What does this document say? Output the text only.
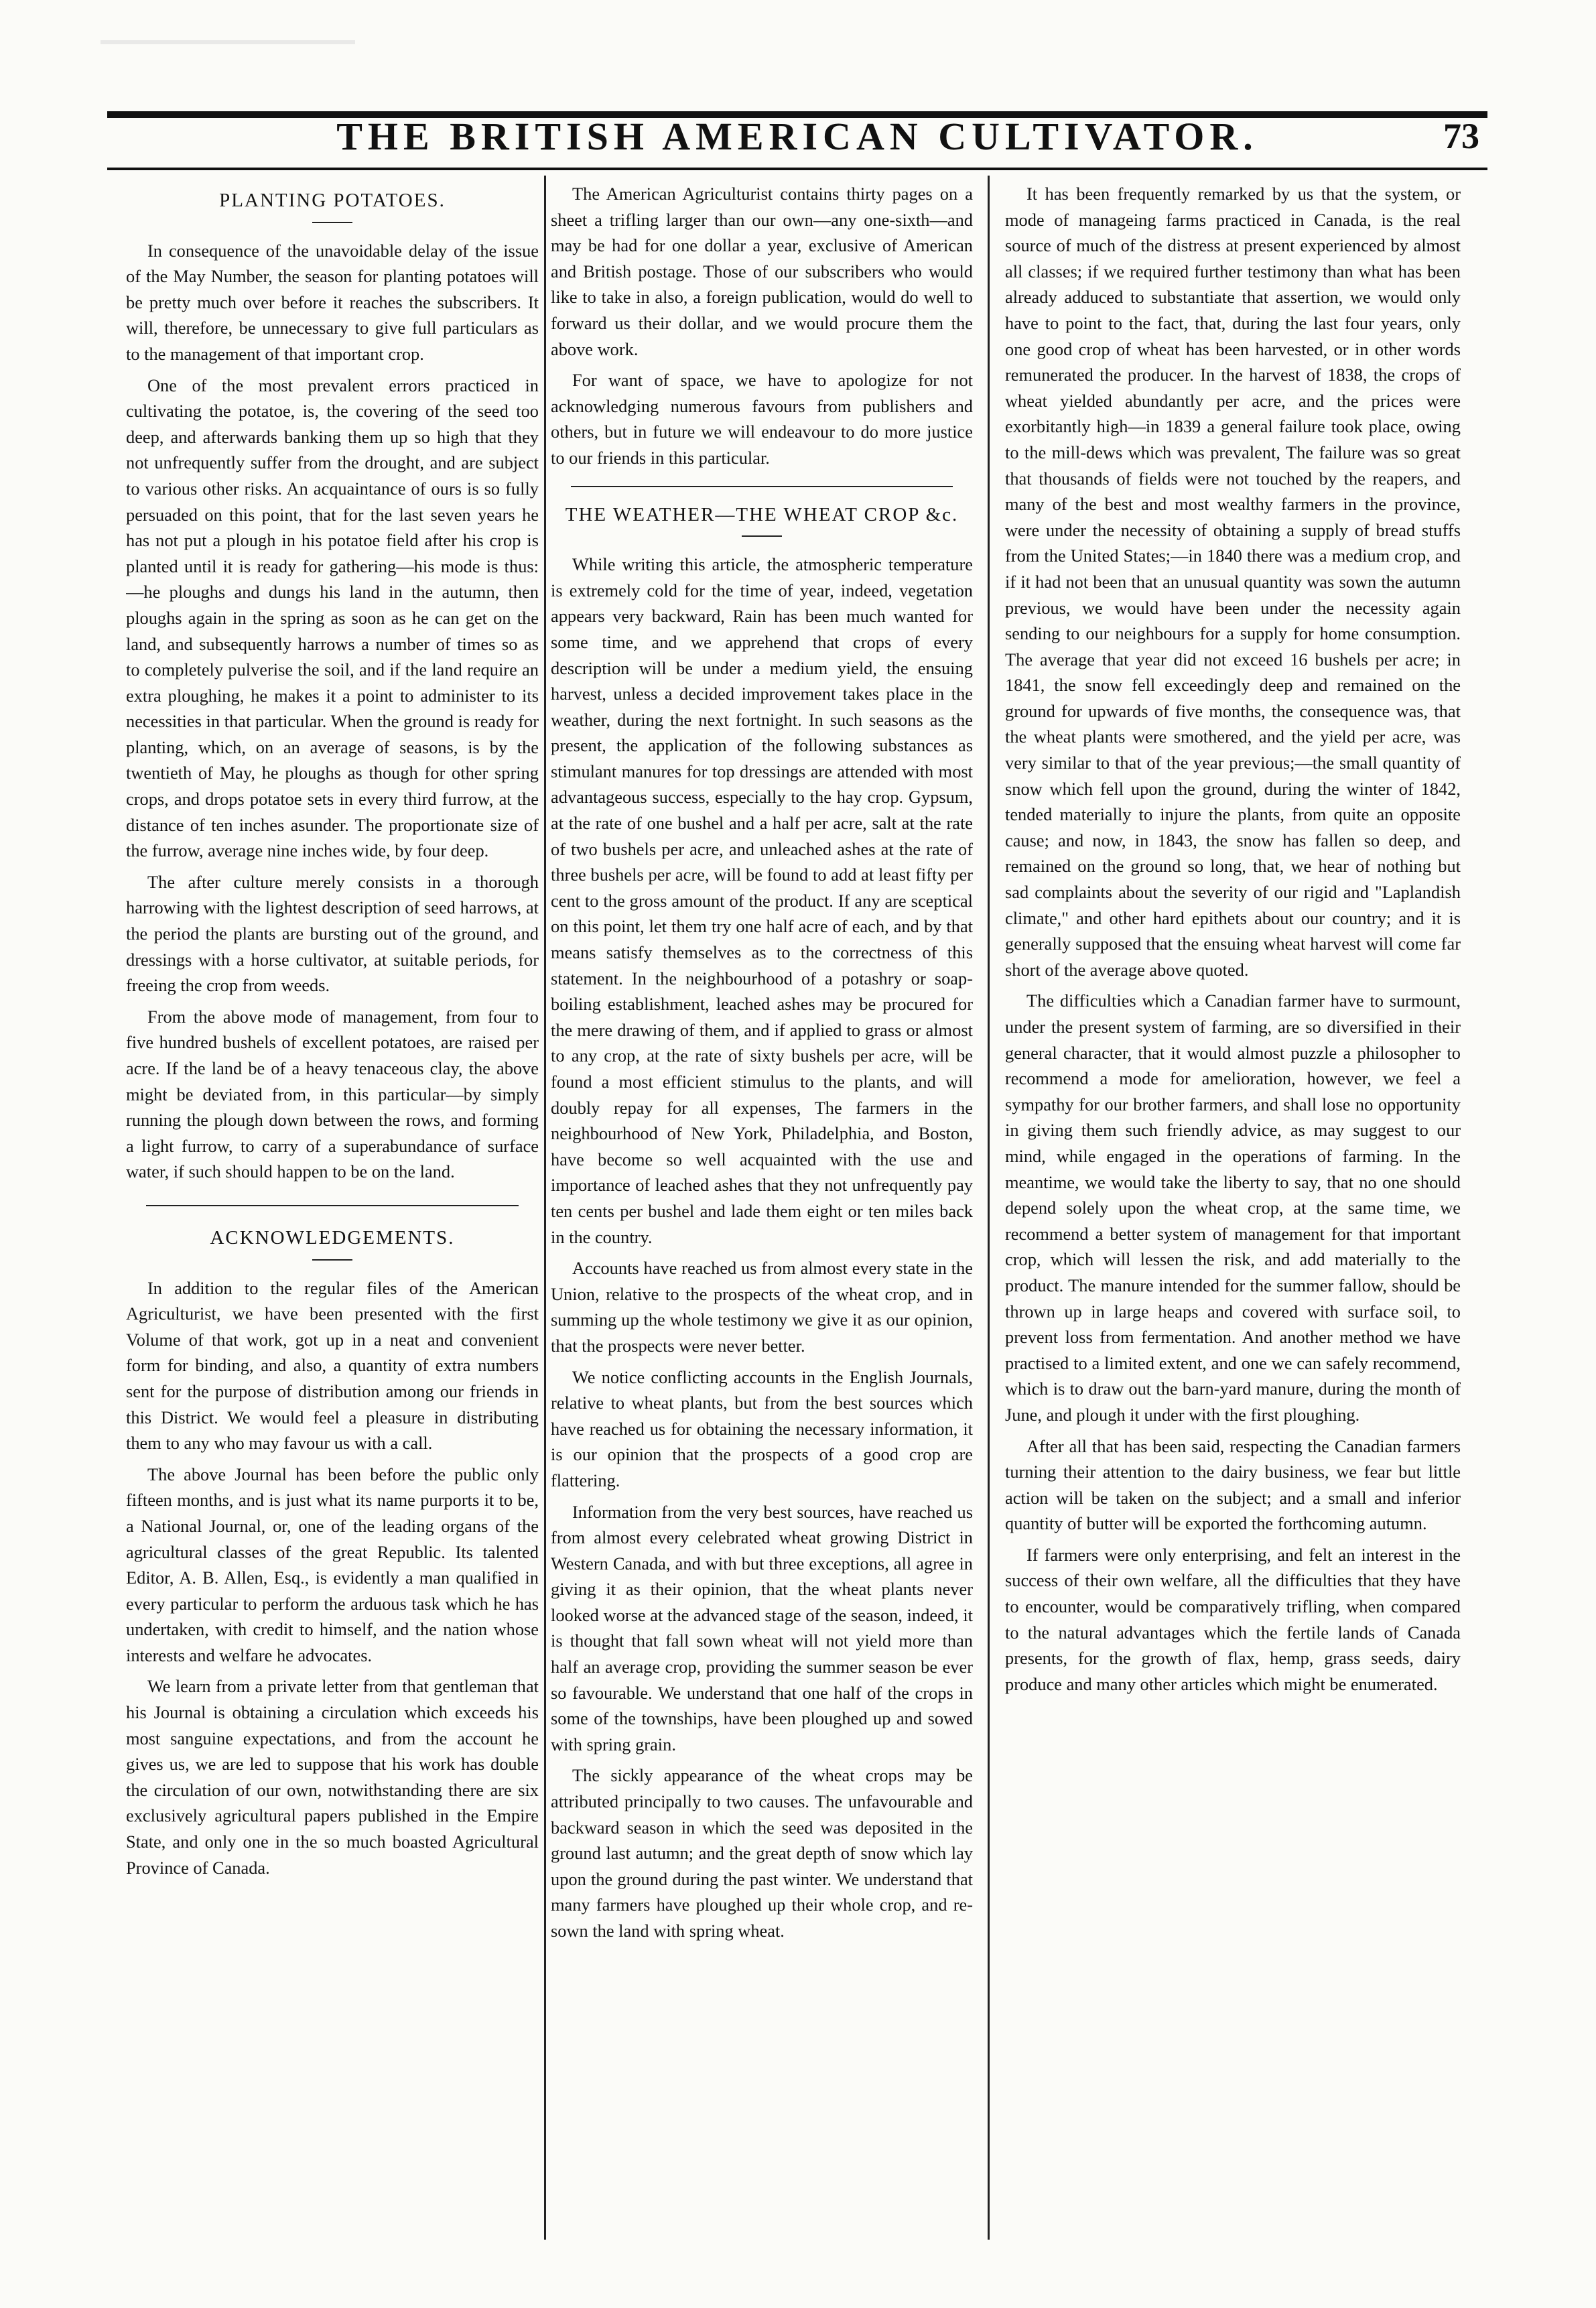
THE BRITISH AMERICAN CULTIVATOR.	73
PLANTING POTATOES.

In consequence of the unavoidable delay of the issue of the May Number, the season for planting potatoes will be pretty much over before it reaches the subscribers. It will, therefore, be unnecessary to give full particulars as to the management of that important crop.

One of the most prevalent errors practiced in cultivating the potatoe, is, the covering of the seed too deep, and afterwards banking them up so high that they not unfrequently suffer from the drought, and are subject to various other risks. An acquaintance of ours is so fully persuaded on this point, that for the last seven years he has not put a plough in his potatoe field after his crop is planted until it is ready for gathering—his mode is thus:—he ploughs and dungs his land in the autumn, then ploughs again in the spring as soon as he can get on the land, and subsequently harrows a number of times so as to completely pulverise the soil, and if the land require an extra ploughing, he makes it a point to administer to its necessities in that particular. When the ground is ready for planting, which, on an average of seasons, is by the twentieth of May, he ploughs as though for other spring crops, and drops potatoe sets in every third furrow, at the distance of ten inches asunder. The proportionate size of the furrow, average nine inches wide, by four deep.

The after culture merely consists in a thorough harrowing with the lightest description of seed harrows, at the period the plants are bursting out of the ground, and dressings with a horse cultivator, at suitable periods, for freeing the crop from weeds.

From the above mode of management, from four to five hundred bushels of excellent potatoes, are raised per acre. If the land be of a heavy tenaceous clay, the above might be deviated from, in this particular—by simply running the plough down between the rows, and forming a light furrow, to carry of a superabundance of surface water, if such should happen to be on the land.

ACKNOWLEDGEMENTS.

In addition to the regular files of the American Agriculturist, we have been presented with the first Volume of that work, got up in a neat and convenient form for binding, and also, a quantity of extra numbers sent for the purpose of distribution among our friends in this District. We would feel a pleasure in distributing them to any who may favour us with a call.

The above Journal has been before the public only fifteen months, and is just what its name purports it to be, a National Journal, or, one of the leading organs of the agricultural classes of the great Republic. Its talented Editor, A. B. Allen, Esq., is evidently a man qualified in every particular to perform the arduous task which he has undertaken, with credit to himself, and the nation whose interests and welfare he advocates.

We learn from a private letter from that gentleman that his Journal is obtaining a circulation which exceeds his most sanguine expectations, and from the account he gives us, we are led to suppose that his work has double the circulation of our own, notwithstanding there are six exclusively agricultural papers published in the Empire State, and only one in the so much boasted Agricultural Province of Canada.

The American Agriculturist contains thirty pages on a sheet a trifling larger than our own—any one-sixth—and may be had for one dollar a year, exclusive of American and British postage. Those of our subscribers who would like to take in also, a foreign publication, would do well to forward us their dollar, and we would procure them the above work.

For want of space, we have to apologize for not acknowledging numerous favours from publishers and others, but in future we will endeavour to do more justice to our friends in this particular.

THE WEATHER—THE WHEAT CROP &c.

While writing this article, the atmospheric temperature is extremely cold for the time of year, indeed, vegetation appears very backward, Rain has been much wanted for some time, and we apprehend that crops of every description will be under a medium yield, the ensuing harvest, unless a decided improvement takes place in the weather, during the next fortnight. In such seasons as the present, the application of the following substances as stimulant manures for top dressings are attended with most advantageous success, especially to the hay crop. Gypsum, at the rate of one bushel and a half per acre, salt at the rate of two bushels per acre, and unleached ashes at the rate of three bushels per acre, will be found to add at least fifty per cent to the gross amount of the product. If any are sceptical on this point, let them try one half acre of each, and by that means satisfy themselves as to the correctness of this statement. In the neighbourhood of a potashry or soap-boiling establishment, leached ashes may be procured for the mere drawing of them, and if applied to grass or almost to any crop, at the rate of sixty bushels per acre, will be found a most efficient stimulus to the plants, and will doubly repay for all expenses, The farmers in the neighbourhood of New York, Philadelphia, and Boston, have become so well acquainted with the use and importance of leached ashes that they not unfrequently pay ten cents per bushel and lade them eight or ten miles back in the country.

Accounts have reached us from almost every state in the Union, relative to the prospects of the wheat crop, and in summing up the whole testimony we give it as our opinion, that the prospects were never better.

We notice conflicting accounts in the English Journals, relative to wheat plants, but from the best sources which have reached us for obtaining the necessary information, it is our opinion that the prospects of a good crop are flattering.

Information from the very best sources, have reached us from almost every celebrated wheat growing District in Western Canada, and with but three exceptions, all agree in giving it as their opinion, that the wheat plants never looked worse at the advanced stage of the season, indeed, it is thought that fall sown wheat will not yield more than half an average crop, providing the summer season be ever so favourable. We understand that one half of the crops in some of the townships, have been ploughed up and sowed with spring grain.

The sickly appearance of the wheat crops may be attributed principally to two causes. The unfavourable and backward season in which the seed was deposited in the ground last autumn; and the great depth of snow which lay upon the ground during the past winter. We understand that many farmers have ploughed up their whole crop, and re-sown the land with spring wheat.

It has been frequently remarked by us that the system, or mode of manageing farms practiced in Canada, is the real source of much of the distress at present experienced by almost all classes; if we required further testimony than what has been already adduced to substantiate that assertion, we would only have to point to the fact, that, during the last four years, only one good crop of wheat has been harvested, or in other words remunerated the producer. In the harvest of 1838, the crops of wheat yielded abundantly per acre, and the prices were exorbitantly high—in 1839 a general failure took place, owing to the mill-dews which was prevalent, The failure was so great that thousands of fields were not touched by the reapers, and many of the best and most wealthy farmers in the province, were under the necessity of obtaining a supply of bread stuffs from the United States;—in 1840 there was a medium crop, and if it had not been that an unusual quantity was sown the autumn previous, we would have been under the necessity again sending to our neighbours for a supply for home consumption. The average that year did not exceed 16 bushels per acre; in 1841, the snow fell exceedingly deep and remained on the ground for upwards of five months, the consequence was, that the wheat plants were smothered, and the yield per acre, was very similar to that of the year previous;—the small quantity of snow which fell upon the ground, during the winter of 1842, tended materially to injure the plants, from quite an opposite cause; and now, in 1843, the snow has fallen so deep, and remained on the ground so long, that, we hear of nothing but sad complaints about the severity of our rigid and "Laplandish climate," and other hard epithets about our country; and it is generally supposed that the ensuing wheat harvest will come far short of the average above quoted.

The difficulties which a Canadian farmer have to surmount, under the present system of farming, are so diversified in their general character, that it would almost puzzle a philosopher to recommend a mode for amelioration, however, we feel a sympathy for our brother farmers, and shall lose no opportunity in giving them such friendly advice, as may suggest to our mind, while engaged in the operations of farming. In the meantime, we would take the liberty to say, that no one should depend solely upon the wheat crop, at the same time, we recommend a better system of management for that important crop, which will lessen the risk, and add materially to the product. The manure intended for the summer fallow, should be thrown up in large heaps and covered with surface soil, to prevent loss from fermentation. And another method we have practised to a limited extent, and one we can safely recommend, which is to draw out the barn-yard manure, during the month of June, and plough it under with the first ploughing.

After all that has been said, respecting the Canadian farmers turning their attention to the dairy business, we fear but little action will be taken on the subject; and a small and inferior quantity of butter will be exported the forthcoming autumn.

If farmers were only enterprising, and felt an interest in the success of their own welfare, all the difficulties that they have to encounter, would be comparatively trifling, when compared to the natural advantages which the fertile lands of Canada presents, for the growth of flax, hemp, grass seeds, dairy produce and many other articles which might be enumerated.
